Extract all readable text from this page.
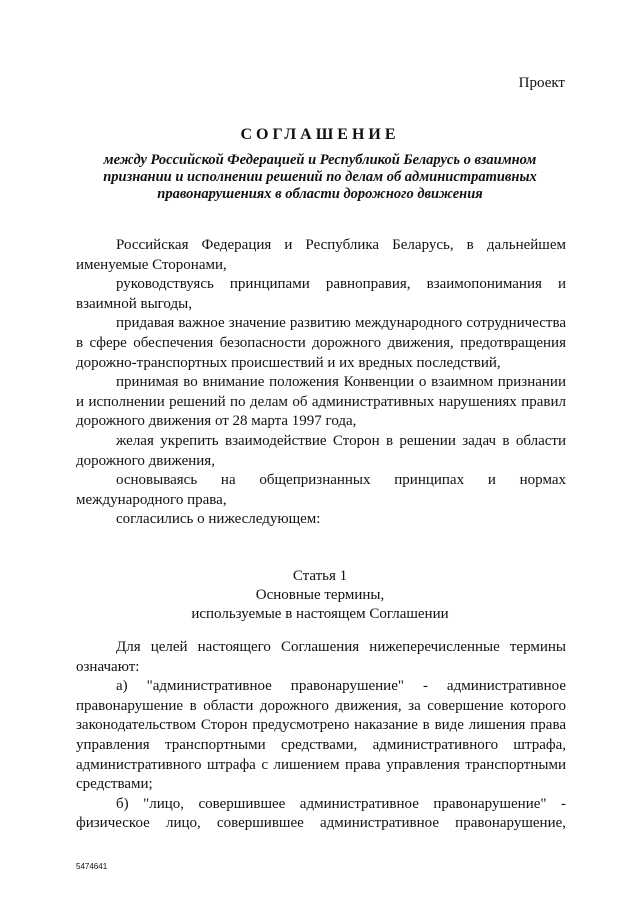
Проект
СОГЛАШЕНИЕ
между Российской Федерацией и Республикой Беларусь о взаимном признании и исполнении решений по делам об административных правонарушениях в области дорожного движения

Российская Федерация и Республика Беларусь, в дальнейшем именуемые Сторонами,

руководствуясь принципами равноправия, взаимопонимания и взаимной выгоды,

придавая важное значение развитию международного сотрудничества в сфере обеспечения безопасности дорожного движения, предотвращения дорожно-транспортных происшествий и их вредных последствий,

принимая во внимание положения Конвенции о взаимном признании и исполнении решений по делам об административных нарушениях правил дорожного движения от 28 марта 1997 года,

желая укрепить взаимодействие Сторон в решении задач в области дорожного движения,

основываясь на общепризнанных принципах и нормах международного права,

согласились о нижеследующем:

Статья 1
Основные термины,
используемые в настоящем Соглашении

Для целей настоящего Соглашения нижеперечисленные термины означают:

а) "административное правонарушение" - административное правонарушение в области дорожного движения, за совершение которого законодательством Сторон предусмотрено наказание в виде лишения права управления транспортными средствами, административного штрафа, административного штрафа с лишением права управления транспортными средствами;

б) "лицо, совершившее административное правонарушение" - физическое лицо, совершившее административное правонарушение,

5474641
